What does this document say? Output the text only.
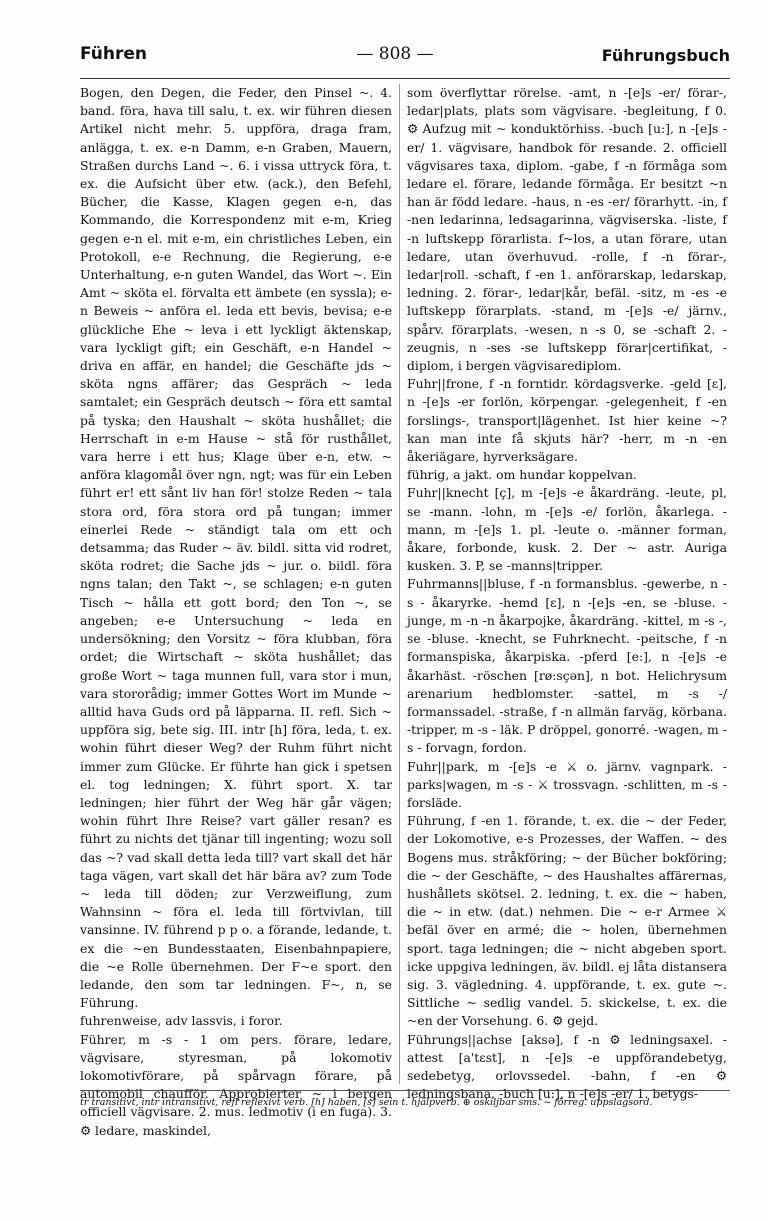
Führen	— 808 —	Führungsbuch

Bogen, den Degen, die Feder, den Pinsel ~. 4. band. föra, hava till salu, t. ex. wir führen diesen Artikel nicht mehr. 5. uppföra, draga fram, anlägga, t. ex. e-n Damm, e-n Graben, Mauern, Straßen durchs Land ~. 6. i vissa uttryck föra, t. ex. die Aufsicht über etw. (ack.), den Befehl, Bücher, die Kasse, Klagen gegen e-n, das Kommando, die Korrespondenz mit e-m, Krieg gegen e-n el. mit e-m, ein christliches Leben, ein Protokoll, e-e Rechnung, die Regierung, e-e Unterhaltung, e-n guten Wandel, das Wort ~. Ein Amt ~ sköta el. förvalta ett ämbete (en syssla); e-n Beweis ~ anföra el. leda ett bevis, bevisa; e-e glückliche Ehe ~ leva i ett lyckligt äktenskap, vara lyckligt gift; ein Geschäft, e-n Handel ~ driva en affär, en handel; die Geschäfte jds ~ sköta ngns affärer; das Gespräch ~ leda samtalet; ein Gespräch deutsch ~ föra ett samtal på tyska; den Haushalt ~ sköta hushållet; die Herrschaft in e-m Hause ~ stå för rusthållet, vara herre i ett hus; Klage über e-n, etw. ~ anföra klagomål över ngn, ngt; was für ein Leben führt er! ett sånt liv han för! stolze Reden ~ tala stora ord, föra stora ord på tungan; immer einerlei Rede ~ ständigt tala om ett och detsamma; das Ruder ~ äv. bildl. sitta vid rodret, sköta rodret; die Sache jds ~ jur. o. bildl. föra ngns talan; den Takt ~, se schlagen; e-n guten Tisch ~ hålla ett gott bord; den Ton ~, se angeben; e-e Untersuchung ~ leda en undersökning; den Vorsitz ~ föra klubban, föra ordet; die Wirtschaft ~ sköta hushållet; das große Wort ~ taga munnen full, vara stor i mun, vara stororådig; immer Gottes Wort im Munde ~ alltid hava Guds ord på läpparna. II. refl. Sich ~ uppföra sig, bete sig. III. intr [h] föra, leda, t. ex. wohin führt dieser Weg? der Ruhm führt nicht immer zum Glücke. Er führte han gick i spetsen el. tog ledningen; X. führt sport. X. tar ledningen; hier führt der Weg här går vägen; wohin führt Ihre Reise? vart gäller resan? es führt zu nichts det tjänar till ingenting; wozu soll das ~? vad skall detta leda till? vart skall det här taga vägen, vart skall det här bära av? zum Tode ~ leda till döden; zur Verzweiflung, zum Wahnsinn ~ föra el. leda till förtvivlan, till vansinne. IV. führend p p o. a förande, ledande, t. ex die ~en Bundesstaaten, Eisenbahnpapiere, die ~e Rolle übernehmen. Der F~e sport. den ledande, den som tar ledningen. F~, n, se Führung.

fuhrenweise, adv lassvis, i foror.

Führer, m -s - 1 om pers. förare, ledare, vägvisare, styresman, på lokomotiv lokomotivförare, på spårvagn förare, på automobil chaufför. Approbierter ~ i bergen officiell vägvisare. 2. mus. ledmotiv (i en fuga). 3. ⚙ ledare, maskindel,

som överflyttar rörelse. -amt, n -[e]s -er/ förar-, ledar|plats, plats som vägvisare. -begleitung, f 0. ⚙ Aufzug mit ~ konduktörhiss. -buch [u:], n -[e]s -er/ 1. vägvisare, handbok för resande. 2. officiell vägvisares taxa, diplom. -gabe, f -n förmåga som ledare el. förare, ledande förmåga. Er besitzt ~n han är född ledare. -haus, n -es -er/ förarhytt. -in, f -nen ledarinna, ledsagarinna, vägviserska. -liste, f -n luftskepp förarlista. f~los, a utan förare, utan ledare, utan överhuvud. -rolle, f -n förar-, ledar|roll. -schaft, f -en 1. anförarskap, ledarskap, ledning. 2. förar-, ledar|kår, befäl. -sitz, m -es -e luftskepp förarplats. -stand, m -[e]s -e/ järnv., spårv. förarplats. -wesen, n -s 0, se -schaft 2. -zeugnis, n -ses -se luftskepp förar|certifikat, -diplom, i bergen vägvisarediplom.

Fuhr||frone, f -n forntidr. kördagsverke. -geld [ɛ], n -[e]s -er forlön, körpengar. -gelegenheit, f -en forslings-, transport|lägenhet. Ist hier keine ~? kan man inte få skjuts här? -herr, m -n -en åkeriägare, hyrverksägare.

führig, a jakt. om hundar koppelvan.

Fuhr||knecht [ç], m -[e]s -e åkardräng. -leute, pl, se -mann. -lohn, m -[e]s -e/ forlön, åkarlega. -mann, m -[e]s 1. pl. -leute o. -männer forman, åkare, forbonde, kusk. 2. Der ~ astr. Auriga kusken. 3. P, se -manns|tripper.

Fuhrmanns||bluse, f -n formansblus. -gewerbe, n -s - åkaryrke. -hemd [ɛ], n -[e]s -en, se -bluse. -junge, m -n -n åkarpojke, åkardräng. -kittel, m -s -, se -bluse. -knecht, se Fuhrknecht. -peitsche, f -n formanspiska, åkarpiska. -pferd [e:], n -[e]s -e åkarhäst. -röschen [rø:sçən], n bot. Helichrysum arenarium hedblomster. -sattel, m -s -/ formanssadel. -straße, f -n allmän farväg, körbana. -tripper, m -s - läk. P dröppel, gonorré. -wagen, m -s - forvagn, fordon.

Fuhr||park, m -[e]s -e ⚔ o. järnv. vagnpark. -parks|wagen, m -s - ⚔ trossvagn. -schlitten, m -s - forsläde.

Führung, f -en 1. förande, t. ex. die ~ der Feder, der Lokomotive, e-s Prozesses, der Waffen. ~ des Bogens mus. stråkföring; ~ der Bücher bokföring; die ~ der Geschäfte, ~ des Haushaltes affärernas, hushållets skötsel. 2. ledning, t. ex. die ~ haben, die ~ in etw. (dat.) nehmen. Die ~ e-r Armee ⚔ befäl över en armé; die ~ holen, übernehmen sport. taga ledningen; die ~ nicht abgeben sport. icke uppgiva ledningen, äv. bildl. ej låta distansera sig. 3. vägledning. 4. uppförande, t. ex. gute ~. Sittliche ~ sedlig vandel. 5. skickelse, t. ex. die ~en der Vorsehung. 6. ⚙ gejd.

Führungs||achse [aksə], f -n ⚙ ledningsaxel. -attest [a'tɛst], n -[e]s -e uppförandebetyg, sedebetyg, orlovssedel. -bahn, f -en ⚙ ledningsbana. -buch [u:], n -[e]s -er/ 1. betygs-

tr transitivt, intr intransitivt, refl reflexivt verb. [h] haben, [s] sein t. hjälpverb. ⊕ oskiljbar sms. ~ förreg. uppslagsord.
